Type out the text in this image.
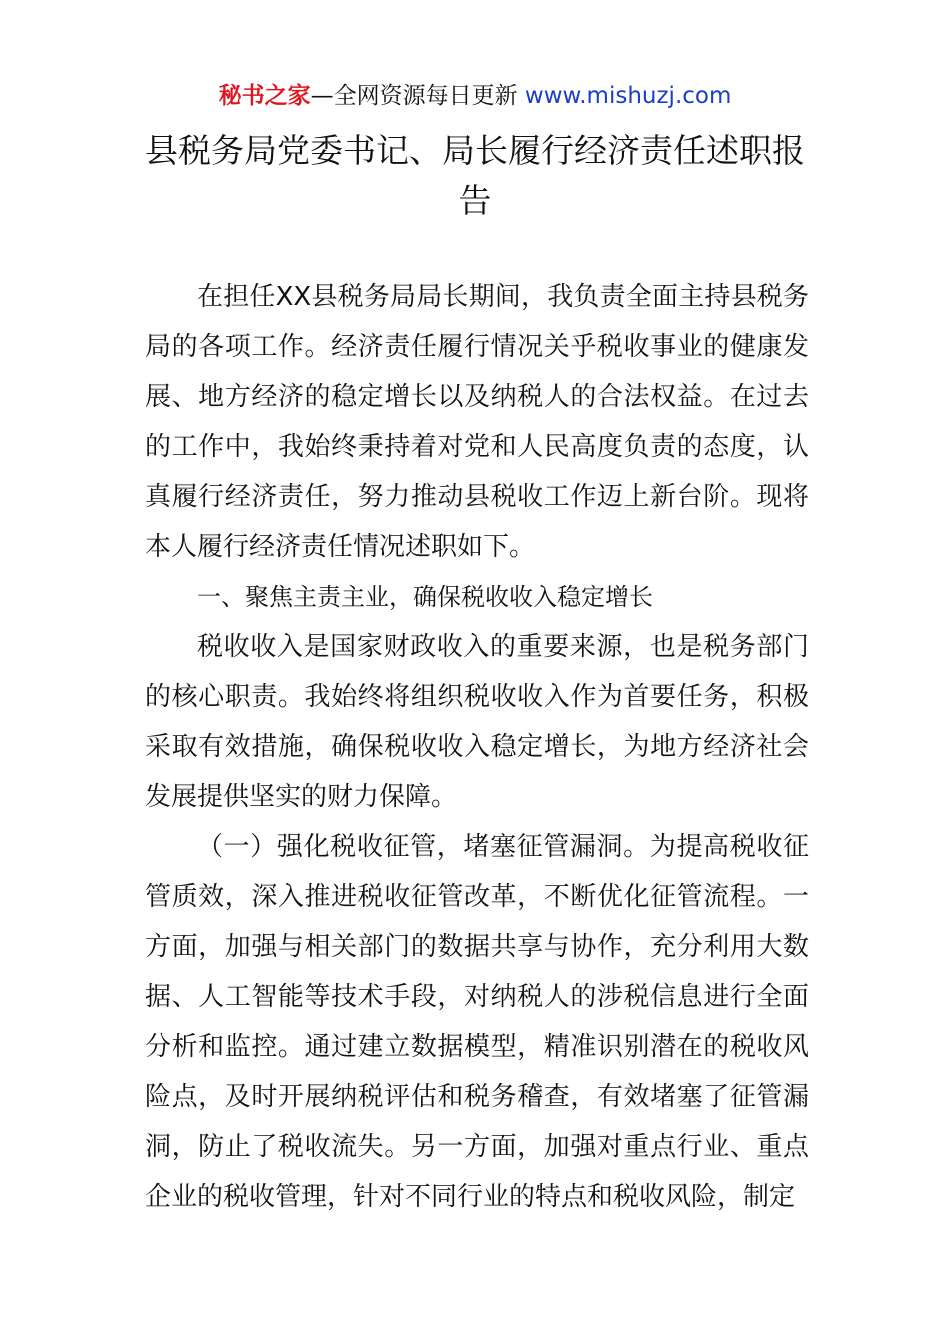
秘书之家—全网资源每日更新 www.mishuzj.com
县税务局党委书记、局长履行经济责任述职报告

在担任XX县税务局局长期间，我负责全面主持县税务局的各项工作。经济责任履行情况关乎税收事业的健康发展、地方经济的稳定增长以及纳税人的合法权益。在过去的工作中，我始终秉持着对党和人民高度负责的态度，认真履行经济责任，努力推动县税收工作迈上新台阶。现将本人履行经济责任情况述职如下。

一、聚焦主责主业，确保税收收入稳定增长

税收收入是国家财政收入的重要来源，也是税务部门的核心职责。我始终将组织税收收入作为首要任务，积极采取有效措施，确保税收收入稳定增长，为地方经济社会发展提供坚实的财力保障。

（一）强化税收征管，堵塞征管漏洞。为提高税收征管质效，深入推进税收征管改革，不断优化征管流程。一方面，加强与相关部门的数据共享与协作，充分利用大数据、人工智能等技术手段，对纳税人的涉税信息进行全面分析和监控。通过建立数据模型，精准识别潜在的税收风险点，及时开展纳税评估和税务稽查，有效堵塞了征管漏洞，防止了税收流失。另一方面，加强对重点行业、重点企业的税收管理，针对不同行业的特点和税收风险，制定
